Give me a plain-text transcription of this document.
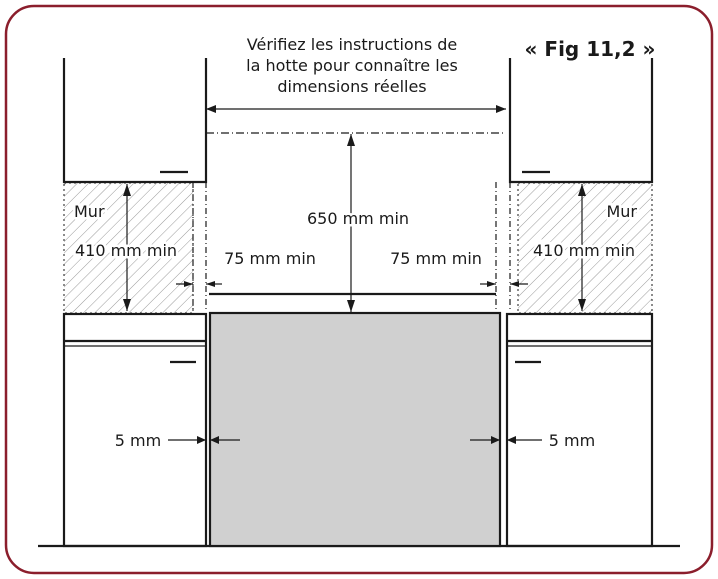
Vérifiez les instructions de
la hotte pour connaître les
dimensions réelles
« Fig 11,2 »
650 mm min
Mur
410 mm min
Mur
410 mm min
75 mm min	75 mm min
5 mm	5 mm
